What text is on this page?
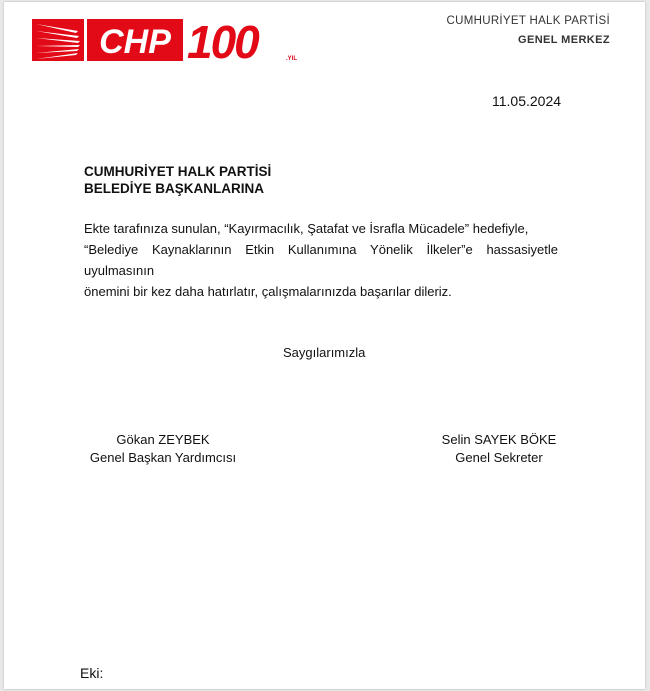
CHP 100	.YIL
CUMHURİYET HALK PARTİSİ
GENEL MERKEZ
11.05.2024
CUMHURİYET HALK PARTİSİ
BELEDİYE BAŞKANLARINA
Ekte tarafınıza sunulan, “Kayırmacılık, Şatafat ve İsrafla Mücadele” hedefiyle,
“Belediye Kaynaklarının Etkin Kullanımına Yönelik İlkeler”e hassasiyetle uyulmasının
önemini bir kez daha hatırlatır, çalışmalarınızda başarılar dileriz.
Saygılarımızla
Gökan ZEYBEK
Genel Başkan Yardımcısı
Selin SAYEK BÖKE
Genel Sekreter
Eki:
